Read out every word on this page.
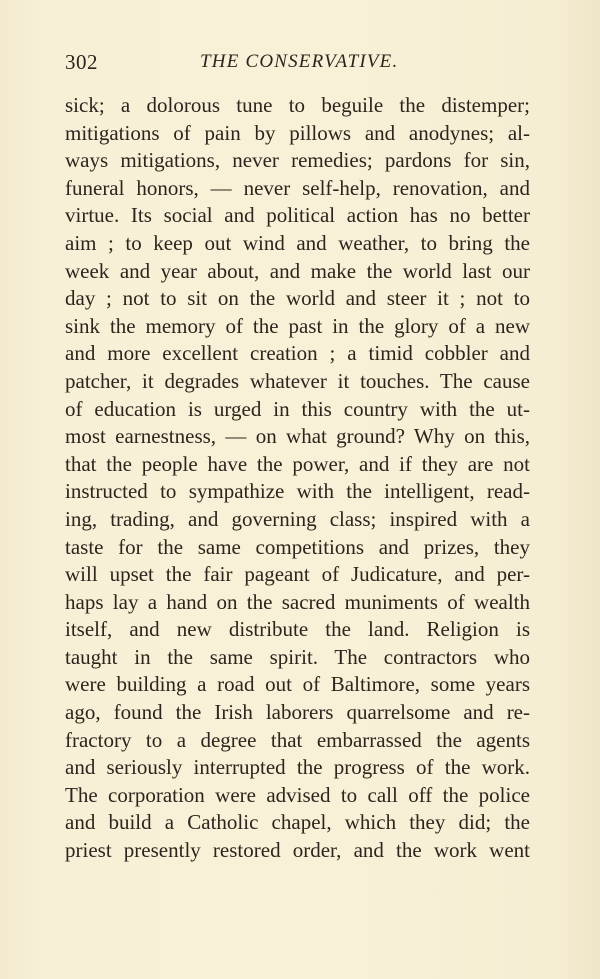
302	THE CONSERVATIVE.
sick; a dolorous tune to beguile the distemper;
mitigations of pain by pillows and anodynes; al-
ways mitigations, never remedies; pardons for sin,
funeral honors, — never self-help, renovation, and
virtue. Its social and political action has no better
aim ; to keep out wind and weather, to bring the
week and year about, and make the world last our
day ; not to sit on the world and steer it ; not to
sink the memory of the past in the glory of a new
and more excellent creation ; a timid cobbler and
patcher, it degrades whatever it touches. The cause
of education is urged in this country with the ut-
most earnestness, — on what ground? Why on this,
that the people have the power, and if they are not
instructed to sympathize with the intelligent, read-
ing, trading, and governing class; inspired with a
taste for the same competitions and prizes, they
will upset the fair pageant of Judicature, and per-
haps lay a hand on the sacred muniments of wealth
itself, and new distribute the land. Religion is
taught in the same spirit. The contractors who
were building a road out of Baltimore, some years
ago, found the Irish laborers quarrelsome and re-
fractory to a degree that embarrassed the agents
and seriously interrupted the progress of the work.
The corporation were advised to call off the police
and build a Catholic chapel, which they did; the
priest presently restored order, and the work went
